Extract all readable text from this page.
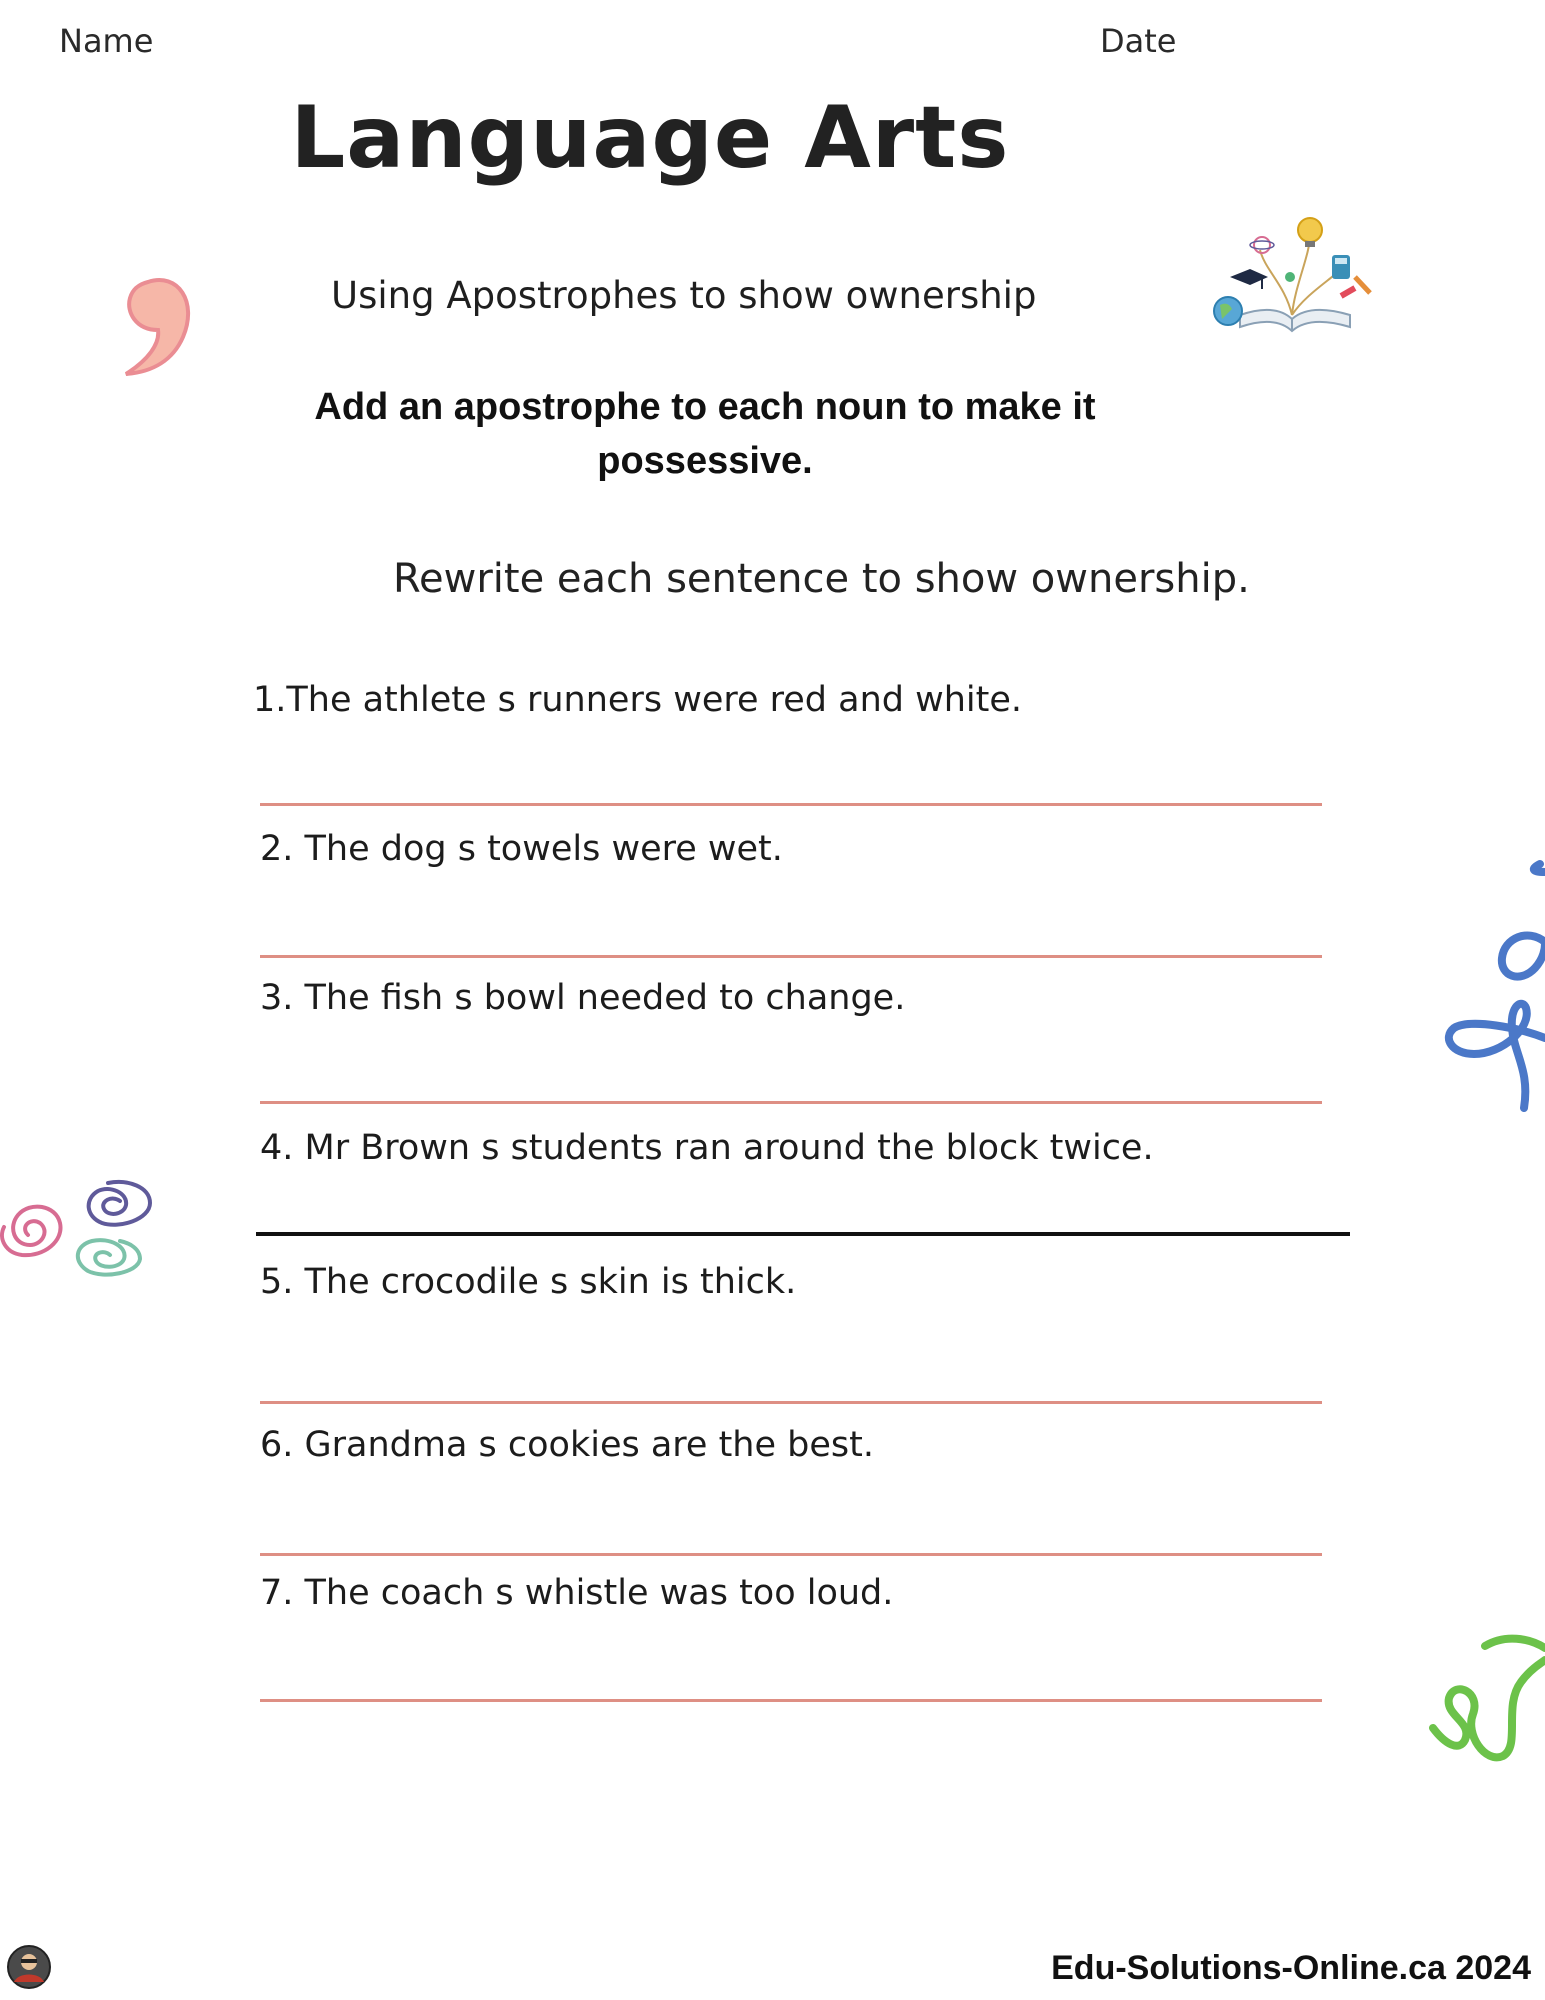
Name	Date
Language Arts
Using Apostrophes to show ownership
Add an apostrophe to each noun to make it
possessive.
Rewrite each sentence to show ownership.
1.The athlete s runners were red and white.
2. The dog s towels were wet.
3. The fish s bowl needed to change.
4. Mr Brown s students ran around the block twice.
5. The crocodile s skin is thick.
6. Grandma s cookies are the best.
7. The coach s whistle was too loud.
Edu-Solutions-Online.ca 2024
